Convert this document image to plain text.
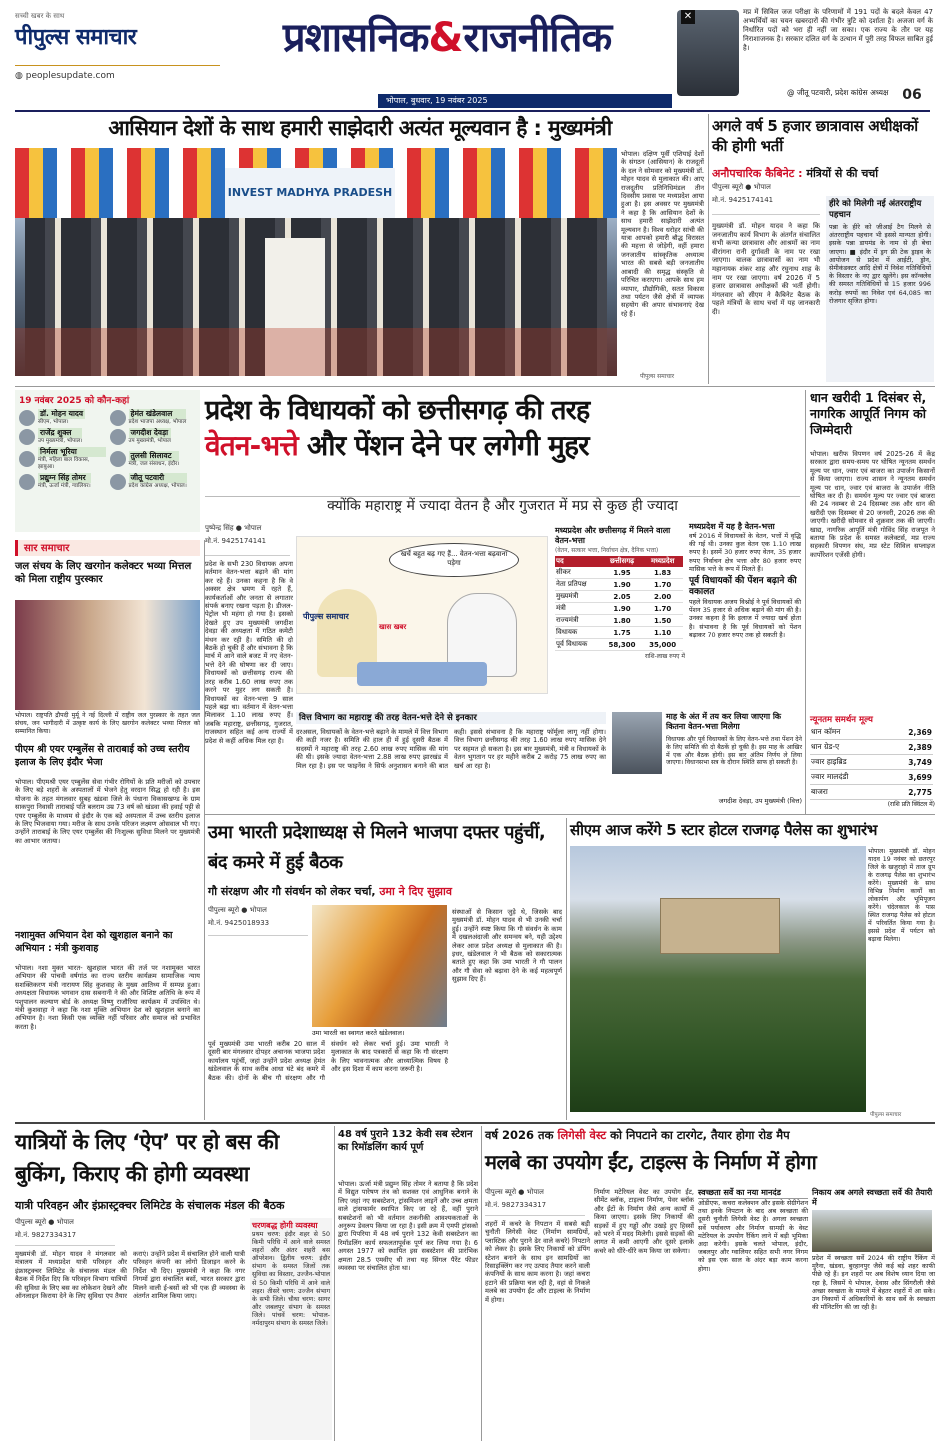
सच्ची खबर के साथ
पीपुल्स समाचार
◍ peoplesupdate.com
प्रशासनिक&राजनीतिक
भोपाल, बुधवार, 19 नवंबर 2025
✕	मप्र में सिविल जज परीक्षा के परिणामों में 191 पदों के बदले केवल 47 अभ्यर्थियों का चयन खबरदारों की गंभीर त्रुटि को दर्शाता है। अजजा वर्ग के निर्धारित पदों को भरा ही नहीं जा सका। एक राज्य के तौर पर यह निराशाजनक है। सरकार दलित वर्ग के उत्थान में पूरी तरह विफल साबित हुई है।
@ जीतू पटवारी, प्रदेश कांग्रेस अध्यक्ष 06
आसियान देशों के साथ हमारी साझेदारी अत्यंत मूल्यवान है : मुख्यमंत्री
INVEST MADHYA PRADESH
भोपाल। दक्षिण पूर्वी एशियाई देशों के संगठन (आसियान) के राजदूतों के दल ने सोमवार को मुख्यमंत्री डॉ. मोहन यादव से मुलाकात की। आए राजदूतीय प्रतिनिधिमंडल तीन दिवसीय प्रवास पर मध्यप्रदेश आया हुआ है। इस अवसर पर मुख्यमंत्री ने कहा है कि आसियान देशों के साथ हमारी साझेदारी अत्यंत मूल्यवान है। विश्व धरोहर सांची की यात्रा आपको हमारी बौद्ध विरासत की महत्ता से जोड़ेगी, वहीं हमारा जनजातीय सांस्कृतिक अध्यात्म भारत की सबसे बड़ी जनजातीय आबादी की समृद्ध संस्कृति से परिचित कराएगा। आपके साथ हम व्यापार, प्रौद्योगिकी, सतत विकास तथा पर्यटन जैसे क्षेत्रों में व्यापक सहयोग की अपार संभावनाएं देख रहे हैं।
पीपुल्स समाचार
अगले वर्ष 5 हजार छात्रावास अधीक्षकों की होगी भर्ती
अनौपचारिक कैबिनेट : मंत्रियों से की चर्चा
पीपुल्स ब्यूरो ● भोपाल
मो.नं. 9425174141
मुख्यमंत्री डॉ. मोहन यादव ने कहा कि जनजातीय कार्य विभाग के अंतर्गत संचालित सभी कन्या छात्रावास और आश्रमों का नाम वीरांगना रानी दुर्गावती के नाम पर रखा जाएगा। बालक छात्रावासों का नाम भी महानायक शंकर शाह और रघुनाथ शाह के नाम पर रखा जाएगा। वर्ष 2026 में 5 हजार छात्रावास अधीक्षकों की भर्ती होगी। मंगलवार को सीएम ने कैबिनेट बैठक के पहले मंत्रियों के साथ चर्चा में यह जानकारी दी।
हीरे को मिलेगी नई अंतरराष्ट्रीय पहचान
पन्ना के हीरे को जीआई टैग मिलने से अंतरराष्ट्रीय पहचान भी इससे मान्यता होगी। इसके पन्ना डायमंड के नाम से ही बेचा जाएगा। ■ इंदौर में ड्रग फ्री टेक ड्राइव के आयोजन से प्रदेश में आईटी, ड्रोन, सेमीकंडक्टर आदि क्षेत्रों में निवेश गतिविधियों के विस्तार के नए द्वार खुलेंगे। इस कॉन्क्लेव की समस्त गतिविधियों से 15 हजार 996 करोड़ रुपयों का निवेश एवं 64,085 का रोजगार सृजित होगा।
19 नवंबर 2025 को कौन-कहां
डॉ. मोहन यादव
सीएम, भोपाल।
हेमंत खंडेलवाल
प्रदेश भाजपा अध्यक्ष, भोपाल
राजेंद्र शुक्ल
उप मुख्यमंत्री, भोपाल।
जगदीश देवड़ा
उप मुख्यमंत्री, भोपाल
निर्मला भूरिया
मंत्री, महिला बाल विकास, झाबुआ।
तुलसी सिलावट
मंत्री, जल संसाधन, इंदौर।
प्रद्युम्न सिंह तोमर
मंत्री, ऊर्जा मंत्री, ग्वालियर।
जीतू पटवारी
प्रदेश कांग्रेस अध्यक्ष, भोपाल।
प्रदेश के विधायकों को छत्तीसगढ़ की तरह
वेतन-भत्ते और पेंशन देने पर लगेगी मुहर
क्योंकि महाराष्ट्र में ज्यादा वेतन है और गुजरात में मप्र से कुछ ही ज्यादा
पुष्पेन्द्र सिंह ● भोपाल
मो.नं. 9425174141
प्रदेश के सभी 230 विधायक अपना वर्तमान वेतन-भत्ता बढ़ाने की मांग कर रहे हैं। उनका कहना है कि वे अक्सर क्षेत्र भ्रमण में रहते हैं, कार्यकर्ताओं और जनता से लगातार संपर्क बनाए रखना पड़ता है। डीजल-पेट्रोल भी महंगा हो गया है। इसको देखते हुए उप मुख्यमंत्री जगदीश देवड़ा की अध्यक्षता में गठित कमेटी मंथन कर रही है। समिति की दो बैठकें हो चुकी हैं और संभावना है कि मार्च में आने वाले बजट में नए वेतन-भत्ते देने की घोषणा कर दी जाए। विधायकों को छत्तीसगढ़ राज्य की तरह करीब 1.60 लाख रुपए तक करने पर मुहर लग सकती है। विधायकों का वेतन-भत्ता 9 साल पहले बढ़ा था। वर्तमान में वेतन-भत्ता मिलाकर 1.10 लाख रुपए हैं। जबकि महाराष्ट्र, छत्तीसगढ़, गुजरात, राजस्थान सहित कई अन्य राज्यों में प्रदेश से कहीं अधिक मिल रहा है।
खर्चे बहुत बढ़ गए हैं... वेतन-भत्ता बढ़वाना पड़ेगा
पीपुल्स समाचार
खास खबर
मध्यप्रदेश और छत्तीसगढ़ में मिलने वाला वेतन-भत्ता
(वेतन, सत्कार भत्ता, निर्वाचन क्षेत्र, दैनिक भत्ता)
पद	छत्तीसगढ़	मध्यप्रदेश
सीकर	1.95	1.83
नेता प्रतिपक्ष	1.90	1.70
मुख्यमंत्री	2.05	2.00
मंत्री	1.90	1.70
राज्यमंत्री	1.80	1.50
विधायक	1.75	1.10
पूर्व विधायक	58,300	35,000
राशि-लाख रुपए में
मध्यप्रदेश में यह है वेतन-भत्ता
वर्ष 2016 में विधायकों के वेतन, भत्तों में वृद्धि की गई थी। उनका कुल वेतन एक 1.10 लाख रुपए है। इसमें 30 हजार रुपए वेतन, 35 हजार रुपए निर्वाचन क्षेत्र भत्ता और 80 हजार रुपए मासिक भत्ते के रूप में मिलते हैं।
पूर्व विधायकों की पेंशन बढ़ाने की वकालत
पहले विधायक अजय विश्नोई ने पूर्व विधायकों की पेंशन 35 हजार से अधिक बढ़ाने की मांग की है। उनका कहना है कि इलाज में ज्यादा खर्च होता है। संभावना है कि पूर्व विधायकों को पेंशन बढ़ाकर 70 हजार रुपए तक हो सकती है।
वित्त विभाग का महाराष्ट्र की तरह वेतन-भत्ते देने से इनकार
दरअसल, विधायकों के वेतन-भत्ते बढ़ाने के मामले में वित्त विभाग की कड़ी नजर है। समिति की हाल ही में हुई दूसरी बैठक में सदस्यों ने महाराष्ट्र की तरह 2.60 लाख रुपए मासिक की मांग की थी। इसके ज्यादा वेतन-भत्ता 2.88 लाख रुपए झारखंड में मिल रहा है। इस पर फाइनेंस ने सिर्फ अनुशासन बनाने की बात कही। इससे संभावना है कि महाराष्ट्र फॉर्मूला लागू नहीं होगा। वित्त विभाग छत्तीसगढ़ की तरह 1.60 लाख रुपए मासिक देने पर सहमत हो सकता है। इस बार मुख्यमंत्री, मंत्री व विधायकों के वेतन भुगतान पर हर महीने करीब 2 करोड़ 75 लाख रुपए का खर्च आ रहा है।
माह के अंत में तय कर लिया जाएगा कि कितना वेतन-भत्ता मिलेगा
विधायक और पूर्व विधायकों के लिए वेतन-भत्ते तथा पेंशन देने के लिए समिति की दो बैठकें हो चुकी है। इस माह के आखिर में एक और बैठक होगी। इस बार अंतिम निर्णय ले लिया जाएगा। विधानसभा सत्र के दौरान स्थिति साफ हो सकती है।
जगदीश देवड़ा, उप मुख्यमंत्री (वित्त)
धान खरीदी 1 दिसंबर से, नागरिक आपूर्ति निगम को जिम्मेदारी
भोपाल। खरीफ विपणन वर्ष 2025-26 में केंद्र सरकार द्वारा समय-समय पर घोषित न्यूनतम समर्थन मूल्य पर धान, ज्वार एवं बाजरा का उपार्जन किसानों से किया जाएगा। राज्य शासन ने न्यूनतम समर्थन मूल्य पर धान, ज्वार एवं बाजरा के उपार्जन नीति घोषित कर दी है। समर्थन मूल्य पर ज्वार एवं बाजरा की 24 नवम्बर से 24 दिसम्बर तक और धान की खरीदी एक दिसम्बर से 20 जनवरी, 2026 तक की जाएगी। खरीदी सोमवार से शुक्रवार तक की जाएगी। खाद्य, नागरिक आपूर्ति मंत्री गोविंद सिंह राजपूत ने बताया कि प्रदेश के समस्त कलेक्टर्स, मप्र राज्य सहकारी विपणन संघ, मप्र स्टेट सिविल सप्लाइज कार्पोरेशन एजेंसी होगी।
न्यूनतम समर्थन मूल्य
धान कॉमन	2,369
धान ग्रेड-ए	2,389
ज्वार हाइब्रिड	3,749
ज्वार मालदंडी	3,699
बाजरा	2,775
(राशि प्रति क्विंटल में)
सार समाचार
जल संचय के लिए खरगोन कलेक्टर भव्या मित्तल को मिला राष्ट्रीय पुरस्कार
भोपाल। राष्ट्रपति द्रौपदी मुर्मू ने नई दिल्ली में राष्ट्रीय जल पुरस्कार के तहत जल संचय, जन भागीदारी में उत्कृष्ट कार्य के लिए खरगोन कलेक्टर भव्या मित्तल को सम्मानित किया।
पीएम श्री एयर एम्बुलेंस से ताराबाई को उच्च स्तरीय इलाज के लिए इंदौर भेजा
भोपाल। पीएमश्री एयर एम्बुलेंस सेवा गंभीर रोगियों के प्रति मरीजों को उपचार के लिए बड़े शहरों के अस्पतालों में भेजने हेतु वरदान सिद्ध हो रही है। इस योजना के तहत मंगलवार सुबह खंडवा जिले के पंधाना विकासखण्ड के ग्राम साकपुरा निवासी ताराबाई पति बलराम उम्र 73 वर्ष को खंडवा की हवाई पट्टी से एयर एम्बुलेंस के माध्यम से इंदौर के एक बड़े अस्पताल में उच्च स्तरीय इलाज के लिए भिजवाया गया। मरीज के साथ उनके परिजन लक्ष्मण ओसवाल भी गए। उन्होंने ताराबाई के लिए एयर एम्बुलेंस की निःशुल्क सुविधा मिलने पर मुख्यमंत्री का आभार जताया।
नशामुक्त अभियान देश को खुशहाल बनाने का अभियान : मंत्री कुशवाह
भोपाल। नशा मुक्त भारत- खुशहाल भारत की तर्ज पर नशामुक्त भारत अभियान की पांचवी वर्षगांठ का राज्य स्तरीय कार्यक्रम सामाजिक न्याय सशक्तिकरण मंत्री नारायण सिंह कुशवाह के मुख्य आतिथ्य में सम्पन्न हुआ। अध्यक्षता विधायक भगवान दास सबनानी ने की और विशिष्ट अतिथि के रूप में पशुपालन कल्याण बोर्ड के अध्यक्ष विष्णु राजौरिया कार्यक्रम में उपस्थित थे। मंत्री कुशवाहा ने कहा कि नशा मुक्ति अभियान देश को खुशहाल बनाने का अभियान है। नशा किसी एक व्यक्ति नहीं परिवार और समाज को प्रभावित करता है।
उमा भारती प्रदेशाध्यक्ष से मिलने भाजपा दफ्तर पहुंचीं, बंद कमरे में हुई बैठक
गौ संरक्षण और गौ संवर्धन को लेकर चर्चा, उमा ने दिए सुझाव
पीपुल्स ब्यूरो ● भोपाल
मो.नं. 9425018933
उमा भारती का स्वागत करते खंडेलवाल।
पूर्व मुख्यमंत्री उमा भारती करीब 20 साल में दूसरी बार मंगलवार दोपहर अचानक भाजपा प्रदेश कार्यालय पहुंचीं, जहां उन्होंने प्रदेश अध्यक्ष हेमंत खंडेलवाल के साथ करीब आधा घंटे बंद कमरे में बैठक की। दोनों के बीच गौ संरक्षण और गौ संवर्धन को लेकर चर्चा हुई। उमा भारती ने मुलाकात के बाद पत्रकारों से कहा कि गौ संरक्षण के लिए भावनात्मक और आध्यात्मिक विषय है और इस दिशा में काम करना जरूरी है।
संस्थाओं से किसान जुड़े थे, जिसके बाद मुख्यमंत्री डॉ. मोहन यादव से भी उनकी चर्चा हुई। उन्होंने स्पष्ट किया कि गौ संवर्धन के काम में दखलअंदाजी और समन्वय बने, यही उद्देश्य लेकर आज प्रदेश अध्यक्ष से मुलाकात की है। इधर, खंडेलवाल ने भी बैठक को सकारात्मक बताते हुए कहा कि उमा भारती ने गौ पालन और गौ सेवा को बढ़ावा देने के कई महत्वपूर्ण सुझाव दिए हैं।
सीएम आज करेंगे 5 स्टार होटल राजगढ़ पैलेस का शुभारंभ
भोपाल। मुख्यमंत्री डॉ. मोहन यादव 19 नवंबर को छतरपुर जिले के खजुराहो में ताज ग्रुप के राजगढ़ पैलेस का शुभारंभ करेंगे। मुख्यमंत्री के साथ विभिन्न निर्माण कार्यों का लोकार्पण और भूमिपूजन करेंगे। चंदेलकाल के पास स्थित राजगढ़ पैलेस को होटल में परिवर्तित किया गया है। इससे प्रदेश में पर्यटन को बढ़ावा मिलेगा।
पीपुल्स समाचार
यात्रियों के लिए ‘ऐप’ पर हो बस की बुकिंग, किराए की होगी व्यवस्था
यात्री परिवहन और इंफ्रास्ट्रक्चर लिमिटेड के संचालक मंडल की बैठक
पीपुल्स ब्यूरो ● भोपाल
मो.नं. 9827334317
मुख्यमंत्री डॉ. मोहन यादव ने मंगलवार को मंत्रालय में मध्यप्रदेश यात्री परिवहन और इंफ्रास्ट्रक्चर लिमिटेड के संचालक मंडल की बैठक में निर्देश दिए कि परिवहन विभाग यात्रियों की सुविधा के लिए बस का लोकेशन देखने और ऑनलाइन किराया देने के लिए सुविधा एप तैयार कराएं। उन्होंने प्रदेश में संचालित होने वाली यात्री परिवहन कंपनी का लोगो डिजाइन करने के निर्देश भी दिए। मुख्यमंत्री ने कहा कि नगर निगमों द्वारा संचालित बसों, भारत सरकार द्वारा मिलने वाली ई-बसों को भी एक ही व्यवस्था के अंतर्गत शामिल किया जाए।
चरणबद्ध होगी व्यवस्था
प्रथम चरण: इंदौर शहर से 50 किमी परिधि में आने वाले समस्त शहरों और अंतर शहरी बस ऑपरेशन। द्वितीय चरण: इंदौर संभाग के समस्त जिलों तक सुविधा का विस्तार, उज्जैन-भोपाल से 50 किमी परिधि में आने वाले शहर। तीसरे चरण: उज्जैन संभाग के सभी जिले। चौथा चरण: सागर और जबलपुर संभाग के समस्त जिले। पांचवें चरण: भोपाल-नर्मदापुरम संभाग के समस्त जिले।
48 वर्ष पुराने 132 केवी सब स्टेशन का रिमॉडलिंग कार्य पूर्ण
भोपाल। ऊर्जा मंत्री प्रद्युम्न सिंह तोमर ने बताया है कि प्रदेश में विद्युत पारेषण तंत्र को सशक्त एवं आधुनिक बनाने के लिए जहां नए सबस्टेशन, ट्रांसमिशन लाइनें और उच्च क्षमता वाले ट्रांसफार्मर स्थापित किए जा रहे हैं, वहीं पुराने सबस्टेशनों को भी वर्तमान तकनीकी आवश्यकताओं के अनुरूप डेवलप किया जा रहा है। इसी क्रम में एमपी ट्रांसको द्वारा पिपरिया में 48 वर्ष पुराने 132 केवी सबस्टेशन का रिमॉडलिंग कार्य सफलतापूर्वक पूर्ण कर लिया गया है। 6 अगस्त 1977 को स्थापित इस सबस्टेशन की प्रारंभिक क्षमता 28.5 एमवीए थी तथा यह सिंगल पैरेंट फीडर व्यवस्था पर संचालित होता था।
वर्ष 2026 तक लिगेसी वेस्ट को निपटाने का टारगेट, तैयार होगा रोड मैप
मलबे का उपयोग ईंट, टाइल्स के निर्माण में होगा
पीपुल्स ब्यूरो ● भोपाल
मो.नं. 9827334317
शहरों में कचरे के निपटान में सबसे बड़ी चुनौती लिगेसी वेस्ट (निर्माण सामग्रियों, प्लास्टिक और पुराने ढेर वाले कचरे) निपटाने को लेकर है। इसके लिए निकायों को डंपिंग स्टेशन बनाने के साथ इन सामग्रियों का रिसाइक्लिंग कर नए उत्पाद तैयार करने वाली कंपनियों के साथ काम करना है। जहां कचरा हटाने की प्रक्रिया चल रही है, वहां से निकले मलबे का उपयोग ईंट और टाइल्स के निर्माण में होगा।
निर्माण मटेरियल वेस्ट का उपयोग ईंट, सीमेंट ब्लॉक, टाइल्स निर्माण, पेवर ब्लॉक और ईंटों के निर्माण जैसे अन्य कार्यों में किया जाएगा। इसके लिए निकायों की सड़कों में हुए गड्ढों और उखड़े हुए हिस्सों को भरने में मदद मिलेगी। इससे सड़कों की लागत में कमी आएगी और दूसरे इलाके कचरे को धीरे-धीरे कम किया जा सकेगा।
स्वच्छता सर्वे का नया मानदंड
ओडीएफ, कचरा कलेक्शन और इसके सेग्रीगेशन तथा इनके निपटान के बाद अब स्वच्छता की दूसरी चुनौती लिगेसी वेस्ट है। अगला स्वच्छता सर्वे पर्यावरण और निर्माण सामग्री के वेस्ट मटेरियल के उपयोग रैंकिंग लाने में बड़ी भूमिका अदा करेगी। इसके चलते भोपाल, इंदौर, जबलपुर और ग्वालियर सहित सभी नगर निगम को इस एक साल के अंदर बड़ा काम करना होगा।
निकाय अब अगले स्वच्छता सर्वे की तैयारी में
प्रदेश में स्वच्छता सर्वे 2024 की राष्ट्रीय रैंकिंग में मुरैना, खंडवा, बुरहानपुर जैसे कई बड़े शहर काफी पीछे रहे हैं। इन शहरों पर अब विशेष ध्यान दिया जा रहा है, जिसमें ये भोपाल, देवास और सिंगरौली जैसे अच्छा स्वच्छता के मामले में बेहतर शहरों में आ सके। उन निकायों में अधिकारियों के साथ सर्वे के स्वच्छता की मॉनिटरिंग की जा रही है।
